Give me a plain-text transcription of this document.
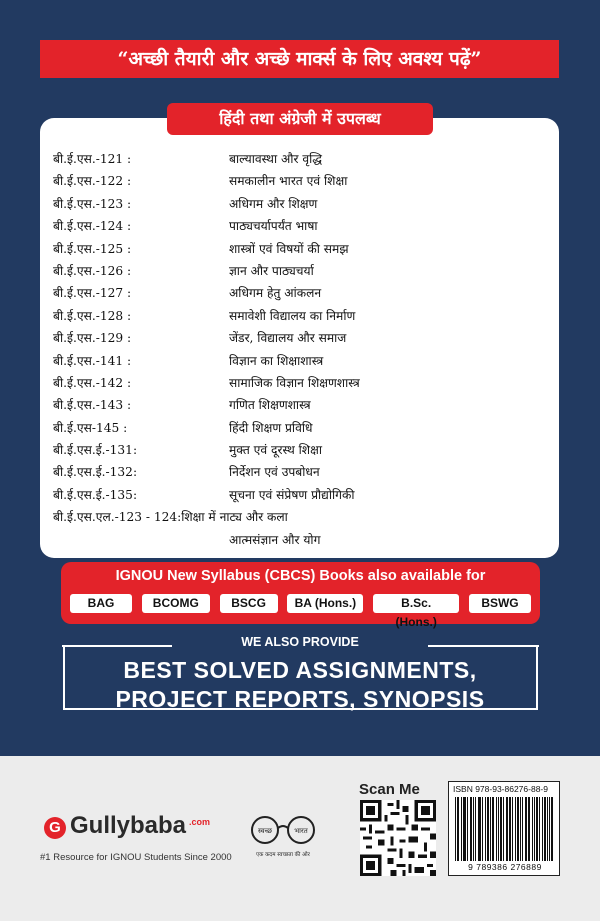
“अच्छी तैयारी और अच्छे मार्क्स के लिए अवश्य पढ़ें”
हिंदी तथा अंग्रेजी में उपलब्ध
बी.ई.एस.-121 :	बाल्यावस्था और वृद्धि
बी.ई.एस.-122 :	समकालीन भारत एवं शिक्षा
बी.ई.एस.-123 :	अधिगम और शिक्षण
बी.ई.एस.-124 :	पाठ्यचर्यापर्यंत भाषा
बी.ई.एस.-125 :	शास्त्रों एवं विषयों की समझ
बी.ई.एस.-126 :	ज्ञान और पाठ्यचर्या
बी.ई.एस.-127 :	अधिगम हेतु आंकलन
बी.ई.एस.-128 :	समावेशी विद्यालय का निर्माण
बी.ई.एस.-129 :	जेंडर, विद्यालय और समाज
बी.ई.एस.-141 :	विज्ञान का शिक्षाशास्त्र
बी.ई.एस.-142 :	सामाजिक विज्ञान शिक्षणशास्त्र
बी.ई.एस.-143 :	गणित शिक्षणशास्त्र
बी.ई.एस-145 :	हिंदी शिक्षण प्रविधि
बी.ई.एस.ई.-131:	मुक्त एवं दूरस्थ शिक्षा
बी.ई.एस.ई.-132:	निर्देशन एवं उपबोधन
बी.ई.एस.ई.-135:	सूचना एवं संप्रेषण प्रौद्योगिकी
बी.ई.एस.एल.-123 - 124:शिक्षा में नाट्य और कला
आत्मसंज्ञान और योग
IGNOU New Syllabus (CBCS) Books also available for
BAG	BCOMG	BSCG	BA (Hons.)	B.Sc. (Hons.)
BSWG
WE ALSO PROVIDE
BEST SOLVED ASSIGNMENTS,
PROJECT REPORTS, SYNOPSIS
G Gullybaba .com
#1 Resource for IGNOU Students Since 2000
स्वच्छ	भारत
एक कदम स्वच्छता की ओर
Scan Me	ISBN 978-93-86276-88-9
9 789386 276889
